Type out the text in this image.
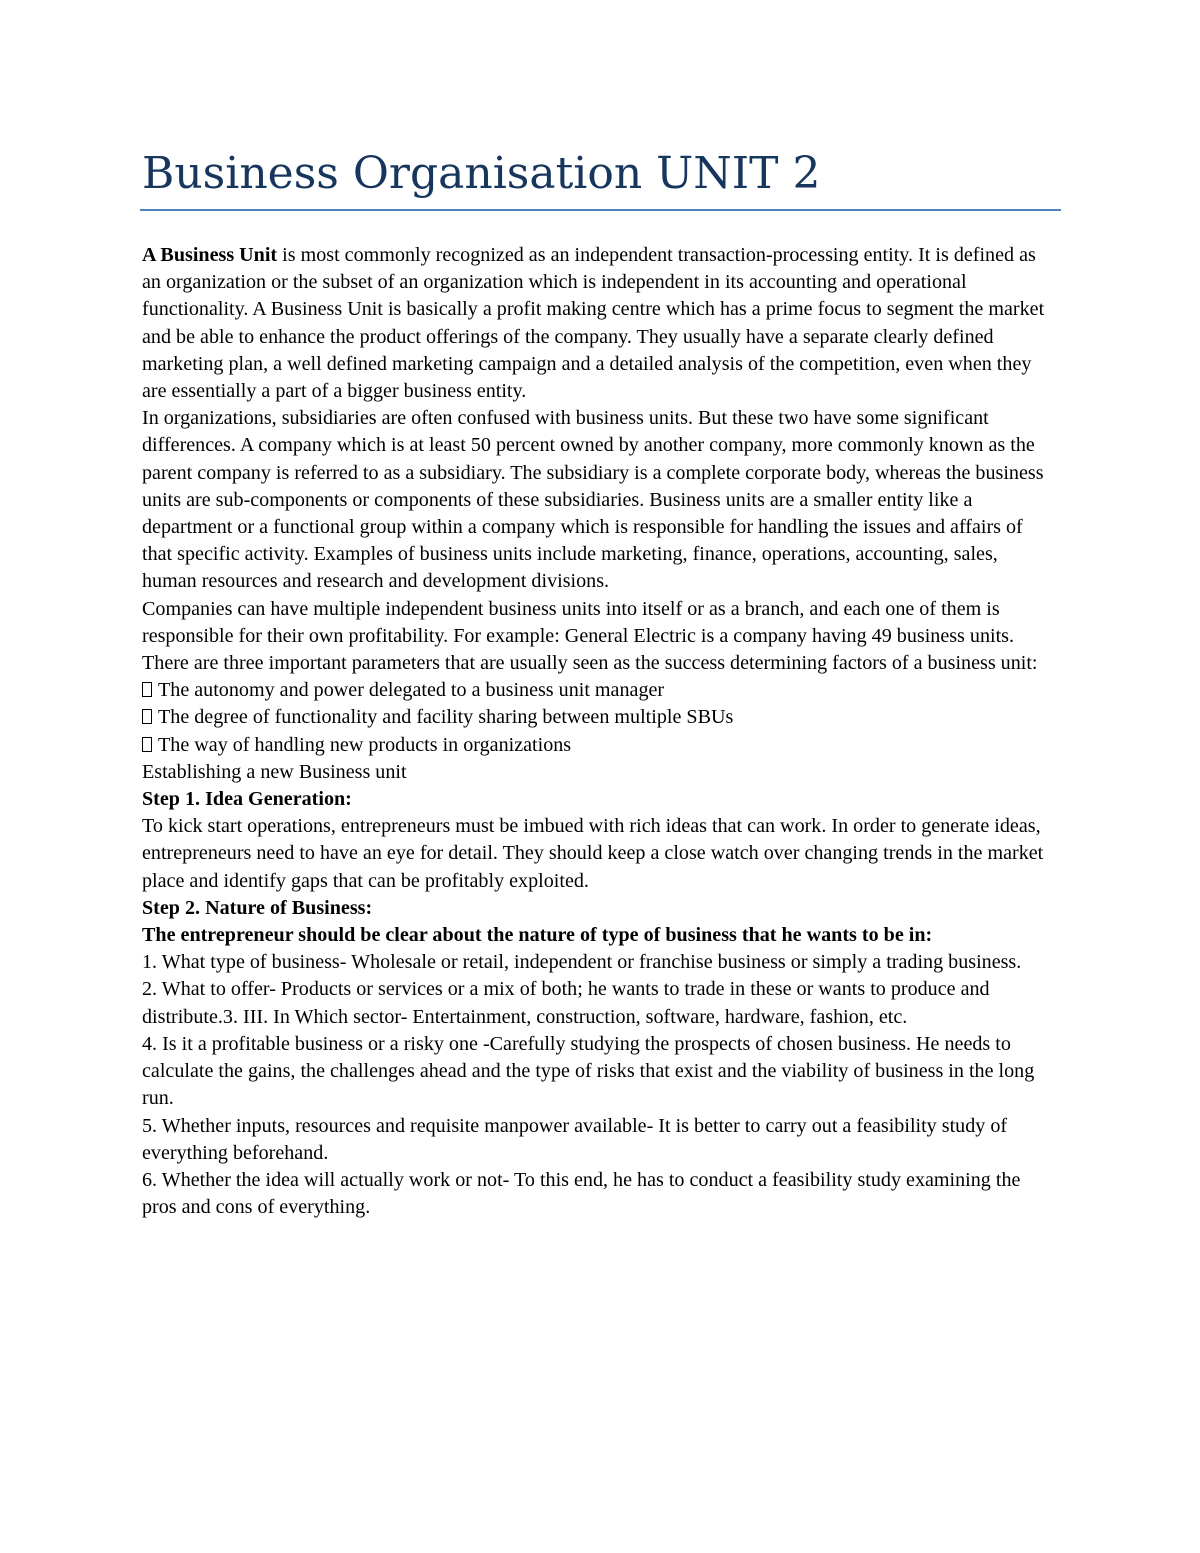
Business Organisation UNIT 2

A Business Unit is most commonly recognized as an independent transaction-processing entity. It is defined as an organization or the subset of an organization which is independent in its accounting and operational functionality. A Business Unit is basically a profit making centre which has a prime focus to segment the market and be able to enhance the product offerings of the company. They usually have a separate clearly defined marketing plan, a well defined marketing campaign and a detailed analysis of the competition, even when they are essentially a part of a bigger business entity.

In organizations, subsidiaries are often confused with business units. But these two have some significant differences. A company which is at least 50 percent owned by another company, more commonly known as the parent company is referred to as a subsidiary. The subsidiary is a complete corporate body, whereas the business units are sub-components or components of these subsidiaries. Business units are a smaller entity like a department or a functional group within a company which is responsible for handling the issues and affairs of that specific activity. Examples of business units include marketing, finance, operations, accounting, sales, human resources and research and development divisions.

Companies can have multiple independent business units into itself or as a branch, and each one of them is responsible for their own profitability. For example: General Electric is a company having 49 business units.

There are three important parameters that are usually seen as the success determining factors of a business unit:

The autonomy and power delegated to a business unit manager

The degree of functionality and facility sharing between multiple SBUs

The way of handling new products in organizations

Establishing a new Business unit

Step 1. Idea Generation:

To kick start operations, entrepreneurs must be imbued with rich ideas that can work. In order to generate ideas, entrepreneurs need to have an eye for detail. They should keep a close watch over changing trends in the market place and identify gaps that can be profitably exploited.

Step 2. Nature of Business:

The entrepreneur should be clear about the nature of type of business that he wants to be in:

1. What type of business- Wholesale or retail, independent or franchise business or simply a trading business.

2. What to offer- Products or services or a mix of both; he wants to trade in these or wants to produce and distribute.3. III. In Which sector- Entertainment, construction, software, hardware, fashion, etc.

4. Is it a profitable business or a risky one -Carefully studying the prospects of chosen business. He needs to calculate the gains, the challenges ahead and the type of risks that exist and the viability of business in the long run.

5. Whether inputs, resources and requisite manpower available- It is better to carry out a feasibility study of everything beforehand.

6. Whether the idea will actually work or not- To this end, he has to conduct a feasibility study examining the pros and cons of everything.
